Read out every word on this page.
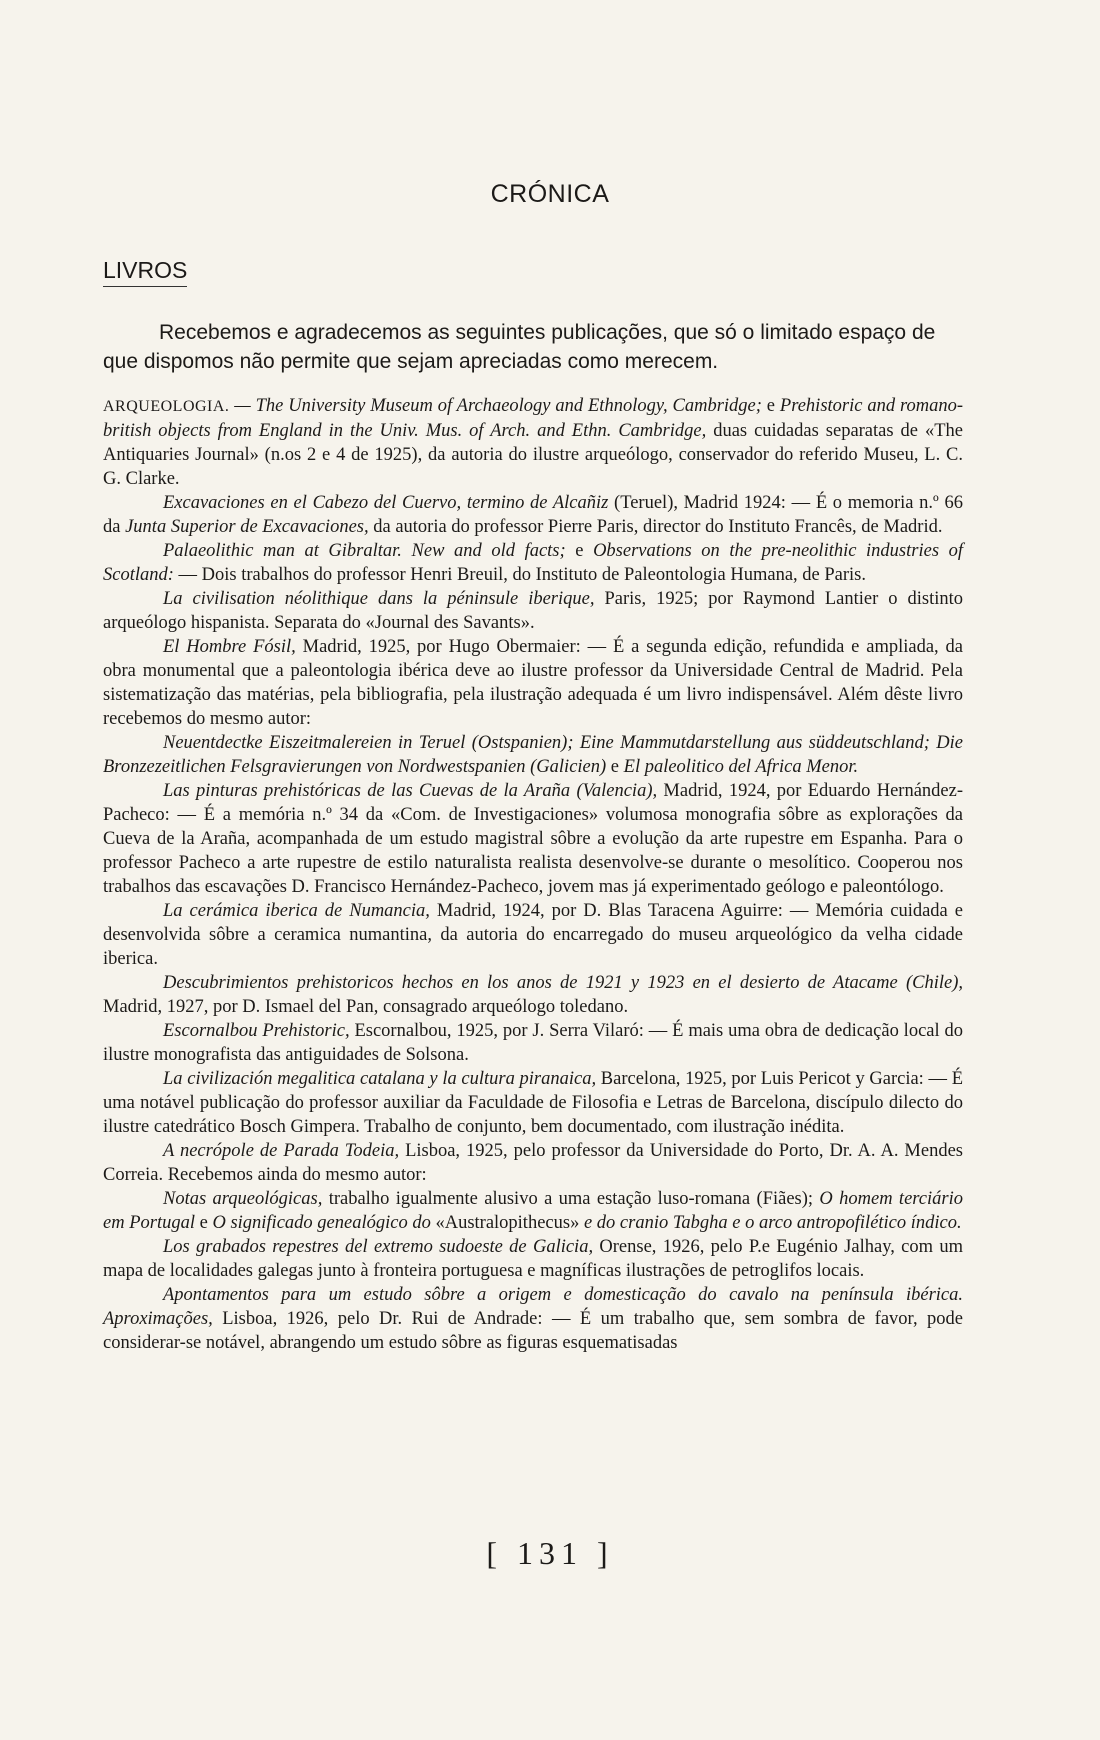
CRÓNICA
LIVROS

Recebemos e agradecemos as seguintes publicações, que só o limitado espaço de que dispomos não permite que sejam apreciadas como merecem.

ARQUEOLOGIA. — The University Museum of Archaeology and Ethnology, Cambridge; e Prehistoric and romano-british objects from England in the Univ. Mus. of Arch. and Ethn. Cambridge, duas cuidadas separatas de «The Antiquaries Journal» (n.os 2 e 4 de 1925), da autoria do ilustre arqueólogo, conservador do referido Museu, L. C. G. Clarke.

Excavaciones en el Cabezo del Cuervo, termino de Alcañiz (Teruel), Madrid 1924: — É o memoria n.º 66 da Junta Superior de Excavaciones, da autoria do professor Pierre Paris, director do Instituto Francês, de Madrid.

Palaeolithic man at Gibraltar. New and old facts; e Observations on the pre-neolithic industries of Scotland: — Dois trabalhos do professor Henri Breuil, do Instituto de Paleontologia Humana, de Paris.

La civilisation néolithique dans la péninsule iberique, Paris, 1925; por Raymond Lantier o distinto arqueólogo hispanista. Separata do «Journal des Savants».

El Hombre Fósil, Madrid, 1925, por Hugo Obermaier: — É a segunda edição, refundida e ampliada, da obra monumental que a paleontologia ibérica deve ao ilustre professor da Universidade Central de Madrid. Pela sistematização das matérias, pela bibliografia, pela ilustração adequada é um livro indispensável. Além dêste livro recebemos do mesmo autor:

Neuentdectke Eiszeitmalereien in Teruel (Ostspanien); Eine Mammutdarstellung aus süddeutschland; Die Bronzezeitlichen Felsgravierungen von Nordwestspanien (Galicien) e El paleolitico del Africa Menor.

Las pinturas prehistóricas de las Cuevas de la Araña (Valencia), Madrid, 1924, por Eduardo Hernández-Pacheco: — É a memória n.º 34 da «Com. de Investigaciones» volumosa monografia sôbre as explorações da Cueva de la Araña, acompanhada de um estudo magistral sôbre a evolução da arte rupestre em Espanha. Para o professor Pacheco a arte rupestre de estilo naturalista realista desenvolve-se durante o mesolítico. Cooperou nos trabalhos das escavações D. Francisco Hernández-Pacheco, jovem mas já experimentado geólogo e paleontólogo.

La cerámica iberica de Numancia, Madrid, 1924, por D. Blas Taracena Aguirre: — Memória cuidada e desenvolvida sôbre a ceramica numantina, da autoria do encarregado do museu arqueológico da velha cidade iberica.

Descubrimientos prehistoricos hechos en los anos de 1921 y 1923 en el desierto de Atacame (Chile), Madrid, 1927, por D. Ismael del Pan, consagrado arqueólogo toledano.

Escornalbou Prehistoric, Escornalbou, 1925, por J. Serra Vilaró: — É mais uma obra de dedicação local do ilustre monografista das antiguidades de Solsona.

La civilización megalitica catalana y la cultura piranaica, Barcelona, 1925, por Luis Pericot y Garcia: — É uma notável publicação do professor auxiliar da Faculdade de Filosofia e Letras de Barcelona, discípulo dilecto do ilustre catedrático Bosch Gimpera. Trabalho de conjunto, bem documentado, com ilustração inédita.

A necrópole de Parada Todeia, Lisboa, 1925, pelo professor da Universidade do Porto, Dr. A. A. Mendes Correia. Recebemos ainda do mesmo autor:

Notas arqueológicas, trabalho igualmente alusivo a uma estação luso-romana (Fiães); O homem terciário em Portugal e O significado genealógico do «Australopithecus» e do cranio Tabgha e o arco antropofilético índico.

Los grabados repestres del extremo sudoeste de Galicia, Orense, 1926, pelo P.e Eugénio Jalhay, com um mapa de localidades galegas junto à fronteira portuguesa e magníficas ilustrações de petroglifos locais.

Apontamentos para um estudo sôbre a origem e domesticação do cavalo na península ibérica. Aproximações, Lisboa, 1926, pelo Dr. Rui de Andrade: — É um trabalho que, sem sombra de favor, pode considerar-se notável, abrangendo um estudo sôbre as figuras esquematisadas

[ 131 ]
